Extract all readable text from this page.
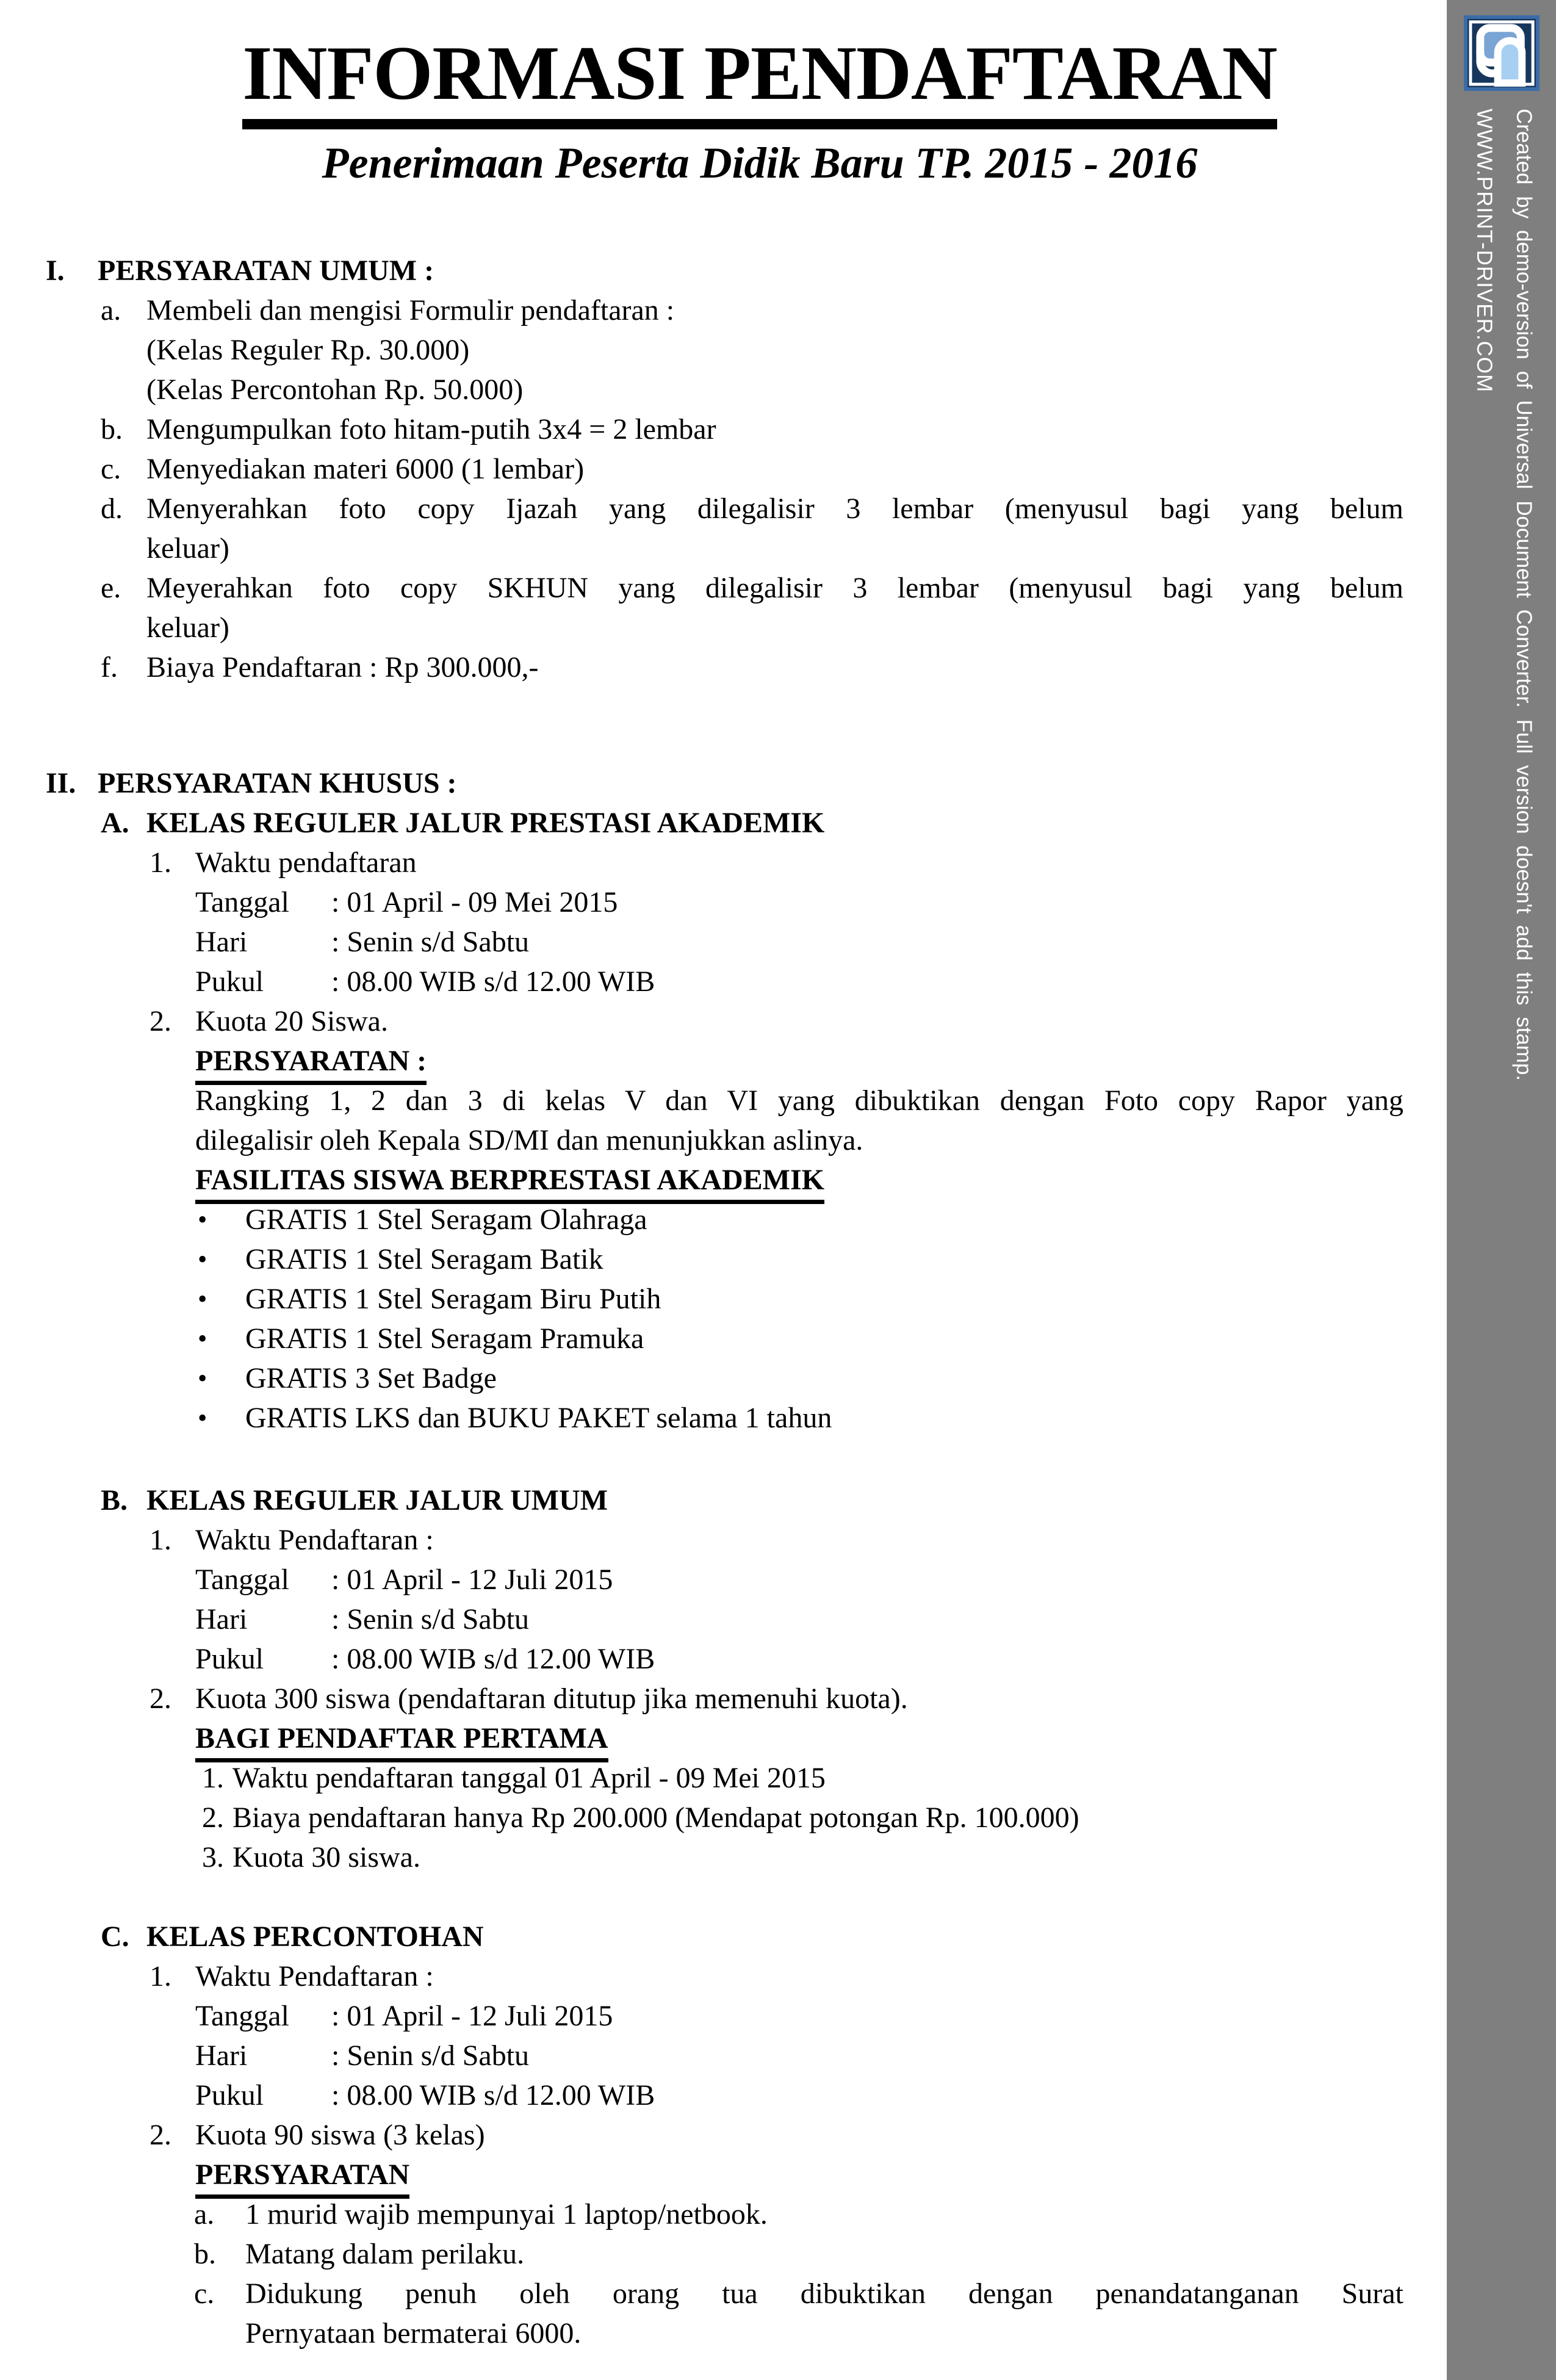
INFORMASI PENDAFTARAN
Penerimaan Peserta Didik Baru TP. 2015 - 2016
I. PERSYARATAN UMUM :
a. Membeli dan mengisi Formulir pendaftaran :
(Kelas Reguler Rp. 30.000)
(Kelas Percontohan Rp. 50.000)
b. Mengumpulkan foto hitam-putih 3x4 = 2 lembar
c. Menyediakan materi 6000 (1 lembar)
d. Menyerahkan foto copy Ijazah yang dilegalisir 3 lembar (menyusul bagi yang belum
keluar)
e. Meyerahkan foto copy SKHUN yang dilegalisir 3 lembar (menyusul bagi yang belum
keluar)
f. Biaya Pendaftaran : Rp 300.000,-
II. PERSYARATAN KHUSUS :
A. KELAS REGULER JALUR PRESTASI AKADEMIK
1. Waktu pendaftaran
Tanggal : 01 April - 09 Mei 2015
Hari	: Senin s/d Sabtu
Pukul : 08.00 WIB s/d 12.00 WIB
2. Kuota 20 Siswa.
PERSYARATAN :
Rangking 1, 2 dan 3 di kelas V dan VI yang dibuktikan dengan Foto copy Rapor yang
dilegalisir oleh Kepala SD/MI dan menunjukkan aslinya.
FASILITAS SISWA BERPRESTASI AKADEMIK
• GRATIS 1 Stel Seragam Olahraga
• GRATIS 1 Stel Seragam Batik
• GRATIS 1 Stel Seragam Biru Putih
• GRATIS 1 Stel Seragam Pramuka
• GRATIS 3 Set Badge
• GRATIS LKS dan BUKU PAKET selama 1 tahun
B. KELAS REGULER JALUR UMUM
1. Waktu Pendaftaran :
Tanggal : 01 April - 12 Juli 2015
Hari	: Senin s/d Sabtu
Pukul : 08.00 WIB s/d 12.00 WIB
2. Kuota 300 siswa (pendaftaran ditutup jika memenuhi kuota).
BAGI PENDAFTAR PERTAMA
1. Waktu pendaftaran tanggal 01 April - 09 Mei 2015
2. Biaya pendaftaran hanya Rp 200.000 (Mendapat potongan Rp. 100.000)
3. Kuota 30 siswa.
C. KELAS PERCONTOHAN
1. Waktu Pendaftaran :
Tanggal : 01 April - 12 Juli 2015
Hari	: Senin s/d Sabtu
Pukul : 08.00 WIB s/d 12.00 WIB
2. Kuota 90 siswa (3 kelas)
PERSYARATAN
a. 1 murid wajib mempunyai 1 laptop/netbook.
b. Matang dalam perilaku.
c. Didukung penuh oleh orang tua dibuktikan dengan penandatanganan Surat
Pernyataan bermaterai 6000.
Created by demo-version of Universal Document Converter. Full version doesn't add this stamp.
WWW.PRINT-DRIVER.COM
